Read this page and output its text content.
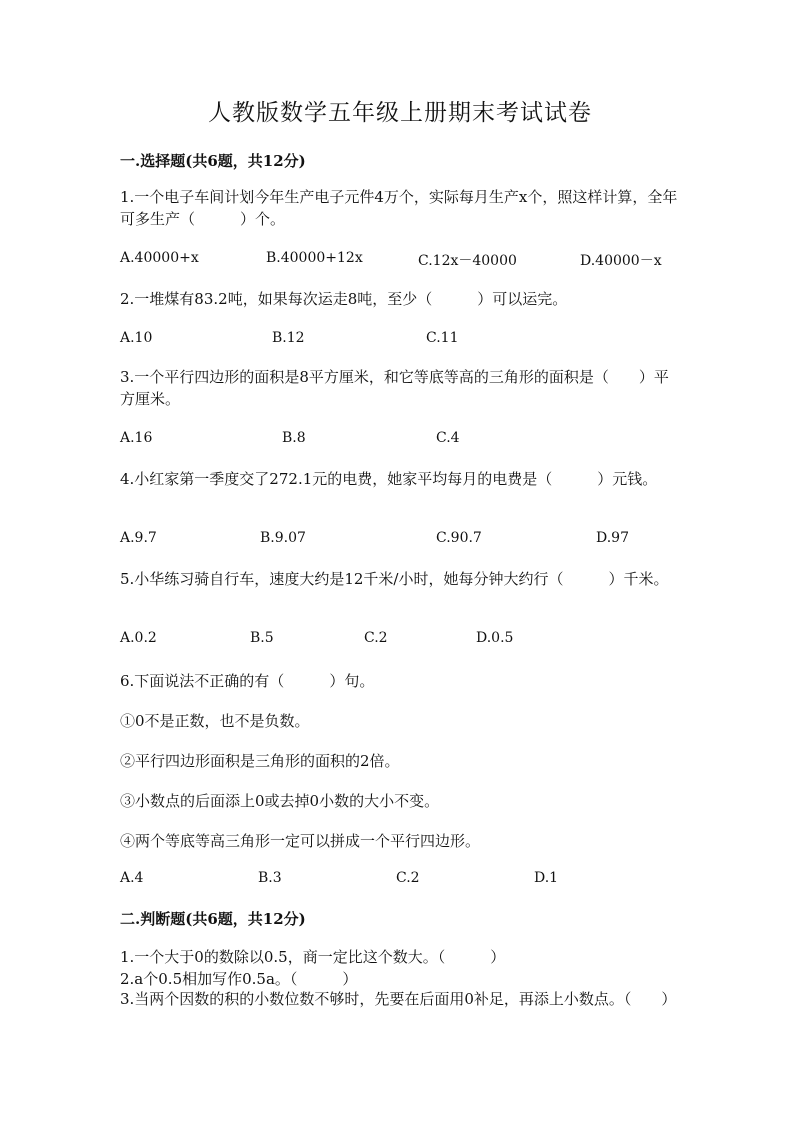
人教版数学五年级上册期末考试试卷
一.选择题(共6题，共12分)
1.一个电子车间计划今年生产电子元件4万个，实际每月生产x个，照这样计算，全年可多生产（　　　）个。
A.40000+x	B.40000+12x	C.12x－40000	D.40000－x
2.一堆煤有83.2吨，如果每次运走8吨，至少（　　　）可以运完。
A.10	B.12	C.11
3.一个平行四边形的面积是8平方厘米，和它等底等高的三角形的面积是（　　）平方厘米。
A.16	B.8	C.4
4.小红家第一季度交了272.1元的电费，她家平均每月的电费是（　　　）元钱。
A.9.7	B.9.07	C.90.7	D.97
5.小华练习骑自行车，速度大约是12千米/小时，她每分钟大约行（　　　）千米。
A.0.2	B.5	C.2	D.0.5
6.下面说法不正确的有（　　　）句。
①0不是正数，也不是负数。
②平行四边形面积是三角形的面积的2倍。
③小数点的后面添上0或去掉0小数的大小不变。
④两个等底等高三角形一定可以拼成一个平行四边形。
A.4	B.3	C.2	D.1
二.判断题(共6题，共12分)
1.一个大于0的数除以0.5，商一定比这个数大。（　　　）
2.a个0.5相加写作0.5a。（　　　）
3.当两个因数的积的小数位数不够时，先要在后面用0补足，再添上小数点。（　　）
